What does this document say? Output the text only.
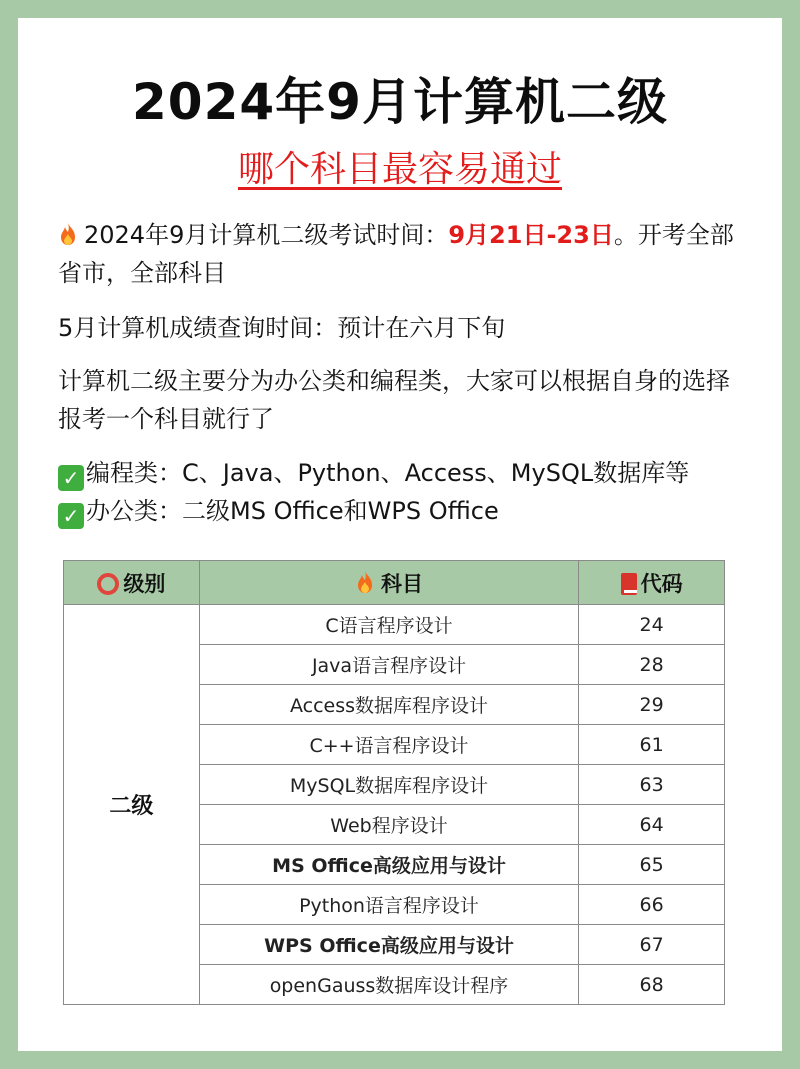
2024年9月计算机二级

哪个科目最容易通过

2024年9月计算机二级考试时间：9月21日-23日。开考全部省市，全部科目

5月计算机成绩查询时间：预计在六月下旬

计算机二级主要分为办公类和编程类，大家可以根据自身的选择报考一个科目就行了

✓ 编程类：C、Java、Python、Access、MySQL数据库等

✓ 办公类：二级MS Office和WPS Office

级别	科目	代码
二级	C语言程序设计	24
	Java语言程序设计	28
	Access数据库程序设计	29
	C++语言程序设计	61
	MySQL数据库程序设计	63
	Web程序设计	64
	MS Office高级应用与设计	65
	Python语言程序设计	66
	WPS Office高级应用与设计	67
	openGauss数据库设计程序	68
